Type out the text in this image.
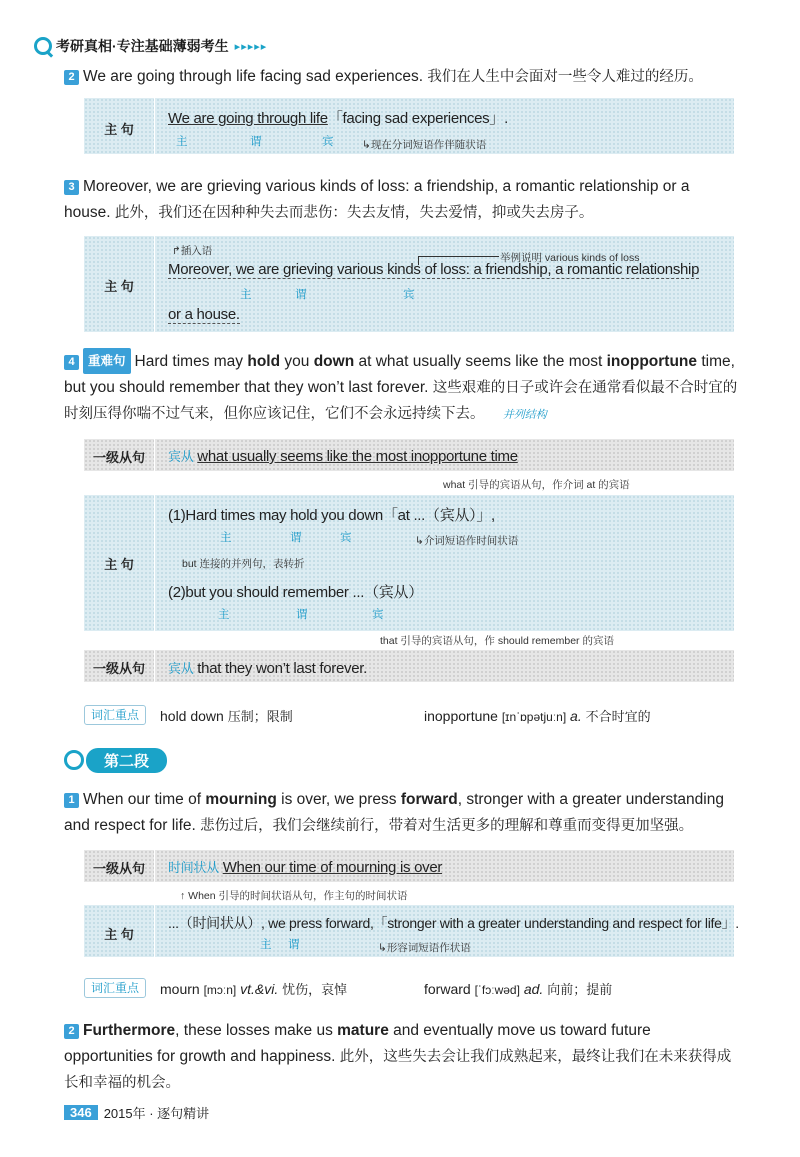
考研真相 · 专注基础薄弱考生 ▸▸▸▸▸
2 We are going through life facing sad experiences. 我们在人生中会面对一些令人难过的经历。
主 句
We are going through life「facing sad experiences」.
主	谓	宾	↳现在分词短语作伴随状语
3 Moreover, we are grieving various kinds of loss: a friendship, a romantic relationship or a house. 此外，我们还在因种种失去而悲伤：失去友情，失去爱情，抑或失去房子。
主 句
↱插入语
举例说明 various kinds of loss
Moreover, we are grieving various kinds of loss: a friendship, a romantic relationship
主	谓	宾
or a house.
4 重难句 Hard times may hold you down at what usually seems like the most inopportune time, but you should remember that they won’t last forever. 这些艰难的日子或许会在通常看似最不合时宜的时刻压得你喘不过气来，但你应该记住，它们不会永远持续下去。 并列结构
一级从句	宾从 what usually seems like the most inopportune time
what 引导的宾语从句，作介词 at 的宾语
主 句
(1)Hard times may hold you down「at ...（宾从）」,
主	谓	宾	↳介词短语作时间状语
but 连接的并列句，表转折
(2)but you should remember ...（宾从）
主	谓	宾
that 引导的宾语从句，作 should remember 的宾语
一级从句	宾从 that they won’t last forever.
词汇重点	hold down 压制；限制	inopportune [ɪnˈɒpətjuːn] a. 不合时宜的
第二段
1 When our time of mourning is over, we press forward, stronger with a greater understanding and respect for life. 悲伤过后，我们会继续前行，带着对生活更多的理解和尊重而变得更加坚强。
一级从句	时间状从 When our time of mourning is over
↑ When 引导的时间状语从句，作主句的时间状语
主 句
...（时间状从）, we press forward,「stronger with a greater understanding and respect for life」.
主 谓	↳形容词短语作状语
词汇重点	mourn [mɔːn] vt.&vi. 忧伤，哀悼	forward [ˈfɔːwəd] ad. 向前；提前
2 Furthermore, these losses make us mature and eventually move us toward future opportunities for growth and happiness. 此外，这些失去会让我们成熟起来，最终让我们在未来获得成长和幸福的机会。
346 2015年 · 逐句精讲
